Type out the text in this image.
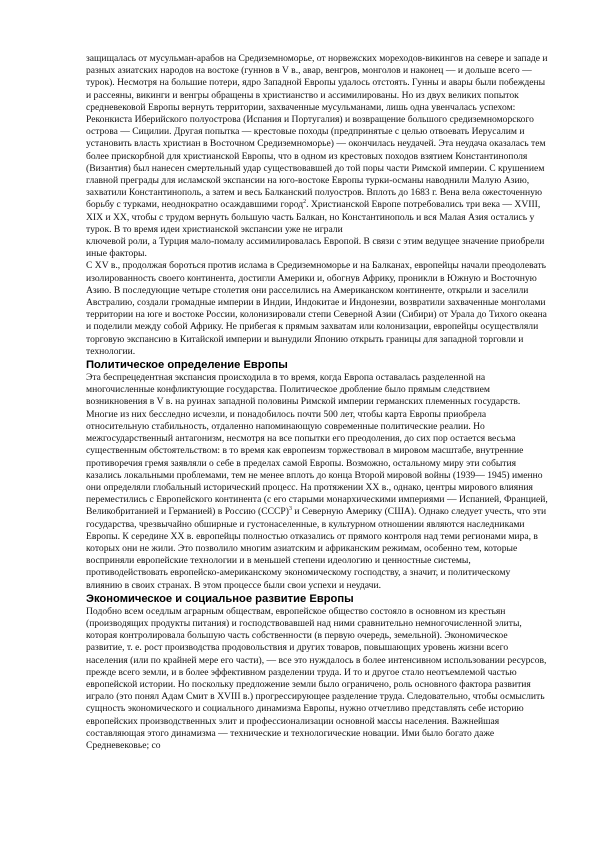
защищалась от мусульман-арабов на Средиземноморье, от норвежских мореходов-викингов на севере и западе и разных азиатских народов на востоке (гуннов в V в., авар, венгров, монголов и наконец — и дольше всего — турок). Несмотря на большие потери, ядро Западной Европы удалось отстоять. Гунны и авары были побеждены и рассеяны, викинги и венгры обращены в христианство и ассимилированы. Но из двух великих попыток средневековой Европы вернуть территории, захваченные мусульманами, лишь одна увенчалась успехом: Реконкиста Иберийского полуострова (Испания и Португалия) и возвращение большого средиземноморского острова — Сицилии. Другая попытка — крестовые походы (предпринятые с целью отвоевать Иерусалим и установить власть христиан в Восточном Средиземноморье) — окончилась неудачей. Эта неудача оказалась тем более прискорбной для христианской Европы, что в одном из крестовых походов взятием Константинополя (Византия) был нанесен смертельный удар существовавшей до той поры части Римской империи. С крушением главной преграды для исламской экспансии на юго-востоке Европы турки-османы наводнили Малую Азию, захватили Константинополь, а затем и весь Балканский полуостров. Вплоть до 1683 г. Вена вела ожесточенную борьбу с турками, неоднократно осаждавшими город$^2$. Христианской Европе потребовались три века — XVIII, XIX и XX, чтобы с трудом вернуть большую часть Балкан, но Константинополь и вся Малая Азия остались у турок. В то время идеи христианской экспансии уже не играли

ключевой роли, а Турция мало-помалу ассимилировалась Европой. В связи с этим ведущее значение приобрели иные факторы.

С XV в., продолжая бороться против ислама в Средиземноморье и на Балканах, европейцы начали преодолевать изолированность своего континента, достигли Америки и, обогнув Африку, проникли в Южную и Восточную Азию. В последующие четыре столетия они расселились на Американском континенте, открыли и заселили Австралию, создали громадные империи в Индии, Индокитае и Индонезии, возвратили захваченные монголами территории на юге и востоке России, колонизировали степи Северной Азии (Сибири) от Урала до Тихого океана и поделили между собой Африку. Не прибегая к прямым захватам или колонизации, европейцы осуществляли торговую экспансию в Китайской империи и вынудили Японию открыть границы для западной торговли и технологии.

Политическое определение Европы

Эта беспрецедентная экспансия происходила в то время, когда Европа оставалась разделенной на многочисленные конфликтующие государства. Политическое дробление было прямым следствием возникновения в V в. на руинах западной половины Римской империи германских племенных государств. Многие из них бесследно исчезли, и понадобилось почти 500 лет, чтобы карта Европы приобрела относительную стабильность, отдаленно напоминающую современные политические реалии. Но межгосударственный антагонизм, несмотря на все попытки его преодоления, до сих пор остается весьма существенным обстоятельством: в то время как европеизм торжествовал в мировом масштабе, внутренние противоречия гремя заявляли о себе в пределах самой Европы. Возможно, остальному миру эти события казались локальными проблемами, тем не менее вплоть до конца Второй мировой войны (1939— 1945) именно они определяли глобальный исторический процесс. На протяжении XX в., однако, центры мирового влияния переместились с Европейского континента (с его старыми монархическими империями — Испанией, Францией, Великобританией и Германией) в Россию (СССР)$^3$ и Северную Америку (США). Однако следует учесть, что эти государства, чрезвычайно обширные и густонаселенные, в культурном отношении являются наследниками Европы. К середине XX в. европейцы полностью отказались от прямого контроля над теми регионами мира, в которых они не жили. Это позволило многим азиатским и африканским режимам, особенно тем, которые восприняли европейские технологии и в меньшей степени идеологию и ценностные системы, противодействовать европейско-американскому экономическому господству, а значит, и политическому влиянию в своих странах. В этом процессе были свои успехи и неудачи.

Экономическое и социальное развитие Европы

Подобно всем оседлым аграрным обществам, европейское общество состояло в основном из крестьян (производящих продукты питания) и господствовавшей над ними сравнительно немногочисленной элиты, которая контролировала большую часть собственности (в первую очередь, земельной). Экономическое развитие, т. е. рост производства продовольствия и других товаров, повышающих уровень жизни всего населения (или по крайней мере его части), — все это нуждалось в более интенсивном использовании ресурсов, прежде всего земли, и в более эффективном разделении труда. И то и другое стало неотъемлемой частью европейской истории. Но поскольку предложение земли было ограничено, роль основного фактора развития играло (это понял Адам Смит в XVIII в.) прогрессирующее разделение труда. Следовательно, чтобы осмыслить сущность экономического и социального динамизма Европы, нужно отчетливо представлять себе историю европейских производственных элит и профессионализации основной массы населения. Важнейшая составляющая этого динамизма — технические и технологические новации. Ими было богато даже Средневековье; со
